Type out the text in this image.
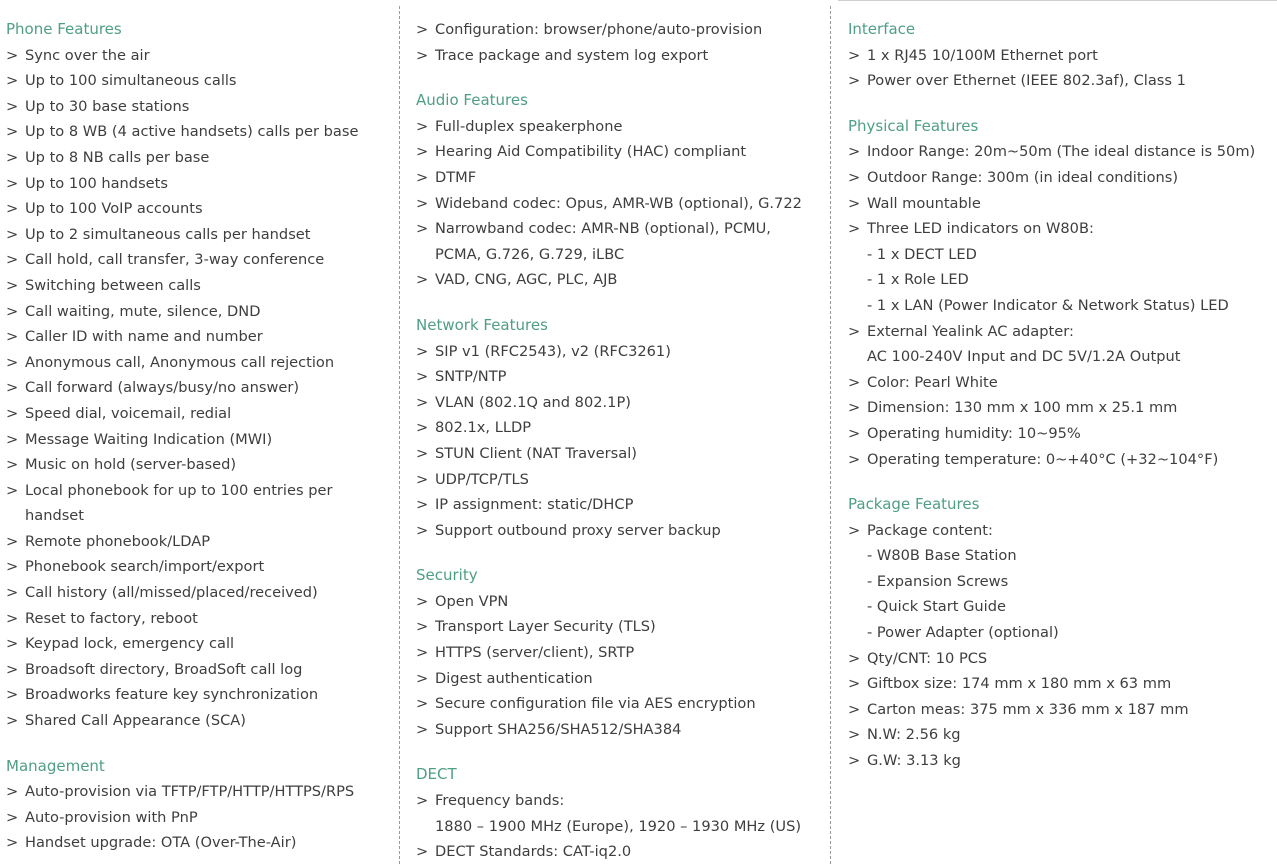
Phone Features
> Sync over the air
> Up to 100 simultaneous calls
> Up to 30 base stations
> Up to 8 WB (4 active handsets) calls per base
> Up to 8 NB calls per base
> Up to 100 handsets
> Up to 100 VoIP accounts
> Up to 2 simultaneous calls per handset
> Call hold, call transfer, 3-way conference
> Switching between calls
> Call waiting, mute, silence, DND
> Caller ID with name and number
> Anonymous call, Anonymous call rejection
> Call forward (always/busy/no answer)
> Speed dial, voicemail, redial
> Message Waiting Indication (MWI)
> Music on hold (server-based)
> Local phonebook for up to 100 entries per
handset
> Remote phonebook/LDAP
> Phonebook search/import/export
> Call history (all/missed/placed/received)
> Reset to factory, reboot
> Keypad lock, emergency call
> Broadsoft directory, BroadSoft call log
> Broadworks feature key synchronization
> Shared Call Appearance (SCA)
Management
> Auto-provision via TFTP/FTP/HTTP/HTTPS/RPS
> Auto-provision with PnP
> Handset upgrade: OTA (Over-The-Air)
> Configuration: browser/phone/auto-provision
> Trace package and system log export
Audio Features
> Full-duplex speakerphone
> Hearing Aid Compatibility (HAC) compliant
> DTMF
> Wideband codec: Opus, AMR-WB (optional), G.722
> Narrowband codec: AMR-NB (optional), PCMU,
PCMA, G.726, G.729, iLBC
> VAD, CNG, AGC, PLC, AJB
Network Features
> SIP v1 (RFC2543), v2 (RFC3261)
> SNTP/NTP
> VLAN (802.1Q and 802.1P)
> 802.1x, LLDP
> STUN Client (NAT Traversal)
> UDP/TCP/TLS
> IP assignment: static/DHCP
> Support outbound proxy server backup
Security
> Open VPN
> Transport Layer Security (TLS)
> HTTPS (server/client), SRTP
> Digest authentication
> Secure configuration file via AES encryption
> Support SHA256/SHA512/SHA384
DECT
> Frequency bands:
1880 – 1900 MHz (Europe), 1920 – 1930 MHz (US)
> DECT Standards: CAT-iq2.0
Interface
> 1 x RJ45 10/100M Ethernet port
> Power over Ethernet (IEEE 802.3af), Class 1
Physical Features
> Indoor Range: 20m~50m (The ideal distance is 50m)
> Outdoor Range: 300m (in ideal conditions)
> Wall mountable
> Three LED indicators on W80B:
- 1 x DECT LED
- 1 x Role LED
- 1 x LAN (Power Indicator & Network Status) LED
> External Yealink AC adapter:
AC 100-240V Input and DC 5V/1.2A Output
> Color: Pearl White
> Dimension: 130 mm x 100 mm x 25.1 mm
> Operating humidity: 10~95%
> Operating temperature: 0~+40°C (+32~104°F)
Package Features
> Package content:
- W80B Base Station
- Expansion Screws
- Quick Start Guide
- Power Adapter (optional)
> Qty/CNT: 10 PCS
> Giftbox size: 174 mm x 180 mm x 63 mm
> Carton meas: 375 mm x 336 mm x 187 mm
> N.W: 2.56 kg
> G.W: 3.13 kg
